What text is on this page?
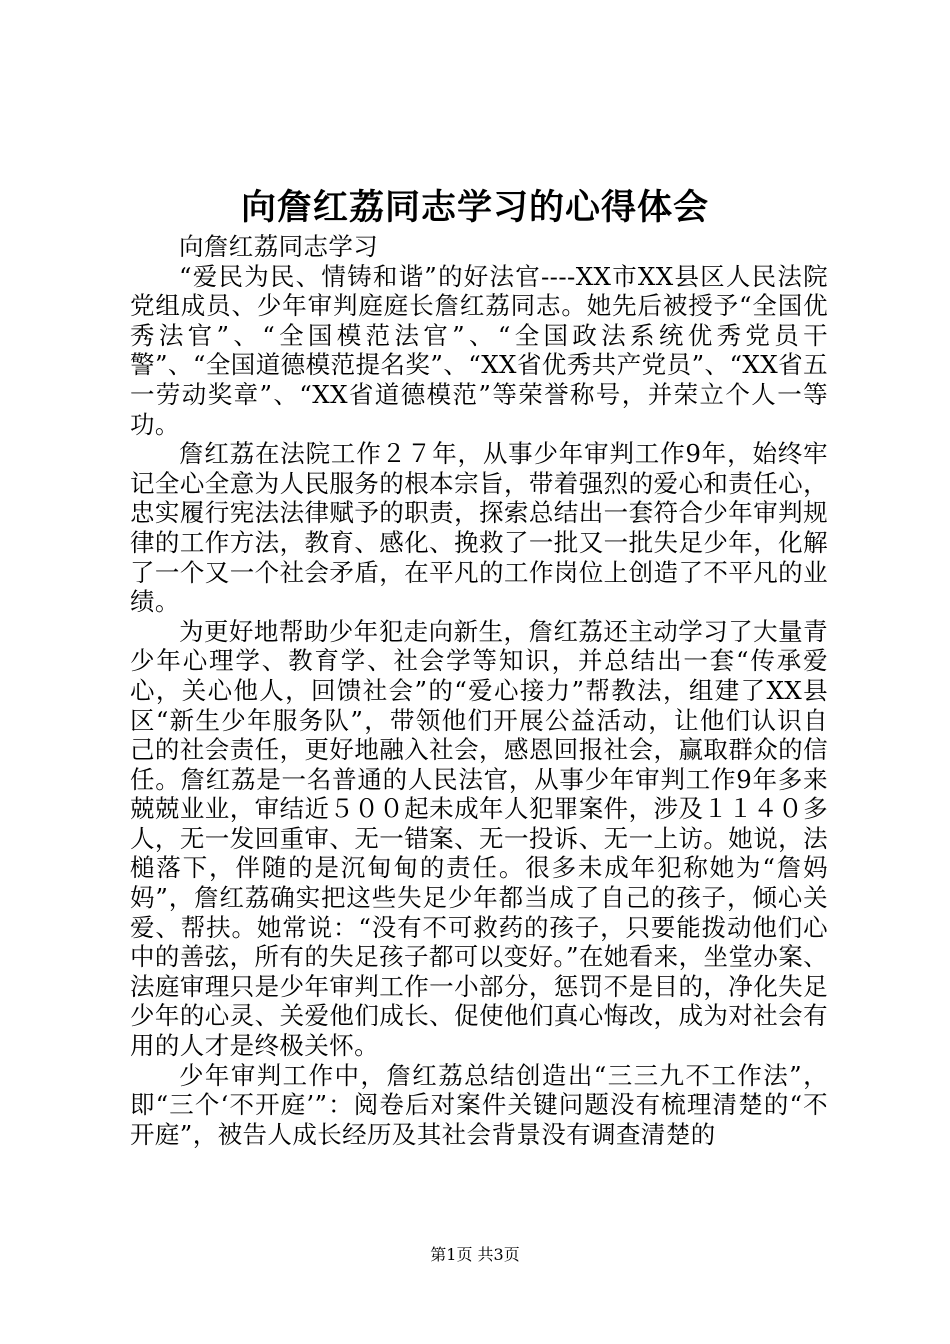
向詹红荔同志学习的心得体会

向詹红荔同志学习

“爱民为民、情铸和谐”的好法官----XX市XX县区人民法院党组成员、少年审判庭庭长詹红荔同志。她先后被授予“全国优秀法官”、“全国模范法官”、“全国政法系统优秀党员干警”、“全国道德模范提名奖”、“XX省优秀共产党员”、“XX省五一劳动奖章”、“XX省道德模范”等荣誉称号，并荣立个人一等功。

詹红荔在法院工作２７年，从事少年审判工作9年，始终牢记全心全意为人民服务的根本宗旨，带着强烈的爱心和责任心，忠实履行宪法法律赋予的职责，探索总结出一套符合少年审判规律的工作方法，教育、感化、挽救了一批又一批失足少年，化解了一个又一个社会矛盾，在平凡的工作岗位上创造了不平凡的业绩。

为更好地帮助少年犯走向新生，詹红荔还主动学习了大量青少年心理学、教育学、社会学等知识，并总结出一套“传承爱心，关心他人，回馈社会”的“爱心接力”帮教法，组建了XX县区“新生少年服务队”，带领他们开展公益活动，让他们认识自己的社会责任，更好地融入社会，感恩回报社会，赢取群众的信任。詹红荔是一名普通的人民法官，从事少年审判工作9年多来兢兢业业，审结近５００起未成年人犯罪案件，涉及１１４０多人，无一发回重审、无一错案、无一投诉、无一上访。她说，法槌落下，伴随的是沉甸甸的责任。很多未成年犯称她为“詹妈妈”，詹红荔确实把这些失足少年都当成了自己的孩子，倾心关爱、帮扶。她常说：“没有不可救药的孩子，只要能拨动他们心中的善弦，所有的失足孩子都可以变好。”在她看来，坐堂办案、法庭审理只是少年审判工作一小部分，惩罚不是目的，净化失足少年的心灵、关爱他们成长、促使他们真心悔改，成为对社会有用的人才是终极关怀。

少年审判工作中，詹红荔总结创造出“三三九不工作法”，即“三个‘不开庭’”：阅卷后对案件关键问题没有梳理清楚的“不开庭”，被告人成长经历及其社会背景没有调查清楚的

第1页 共3页
